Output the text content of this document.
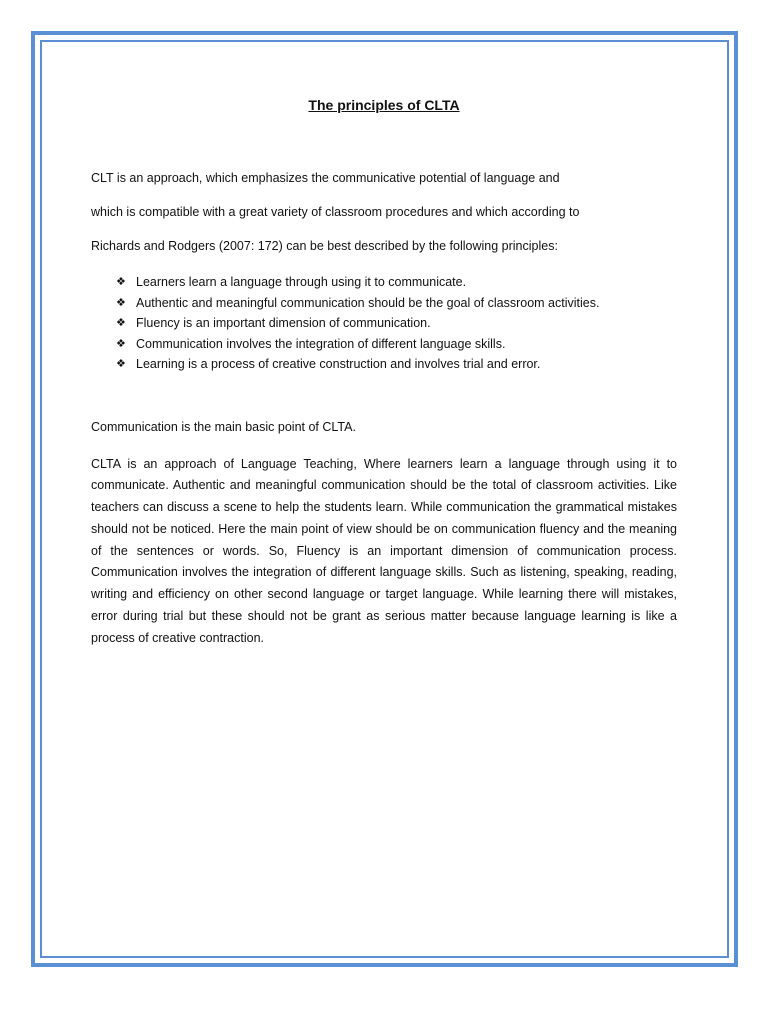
The principles of CLTA

CLT is an approach, which emphasizes the communicative potential of language and

which is compatible with a great variety of classroom procedures and which according to

Richards and Rodgers (2007: 172) can be best described by the following principles:

❖ Learners learn a language through using it to communicate.
❖ Authentic and meaningful communication should be the goal of classroom activities.
❖ Fluency is an important dimension of communication.
❖ Communication involves the integration of different language skills.
❖ Learning is a process of creative construction and involves trial and error.

Communication is the main basic point of CLTA.

CLTA is an approach of Language Teaching, Where learners learn a language through using it to communicate. Authentic and meaningful communication should be the total of classroom activities. Like teachers can discuss a scene to help the students learn. While communication the grammatical mistakes should not be noticed. Here the main point of view should be on communication fluency and the meaning of the sentences or words. So, Fluency is an important dimension of communication process. Communication involves the integration of different language skills. Such as listening, speaking, reading, writing and efficiency on other second language or target language. While learning there will mistakes, error during trial but these should not be grant as serious matter because language learning is like a process of creative contraction.
